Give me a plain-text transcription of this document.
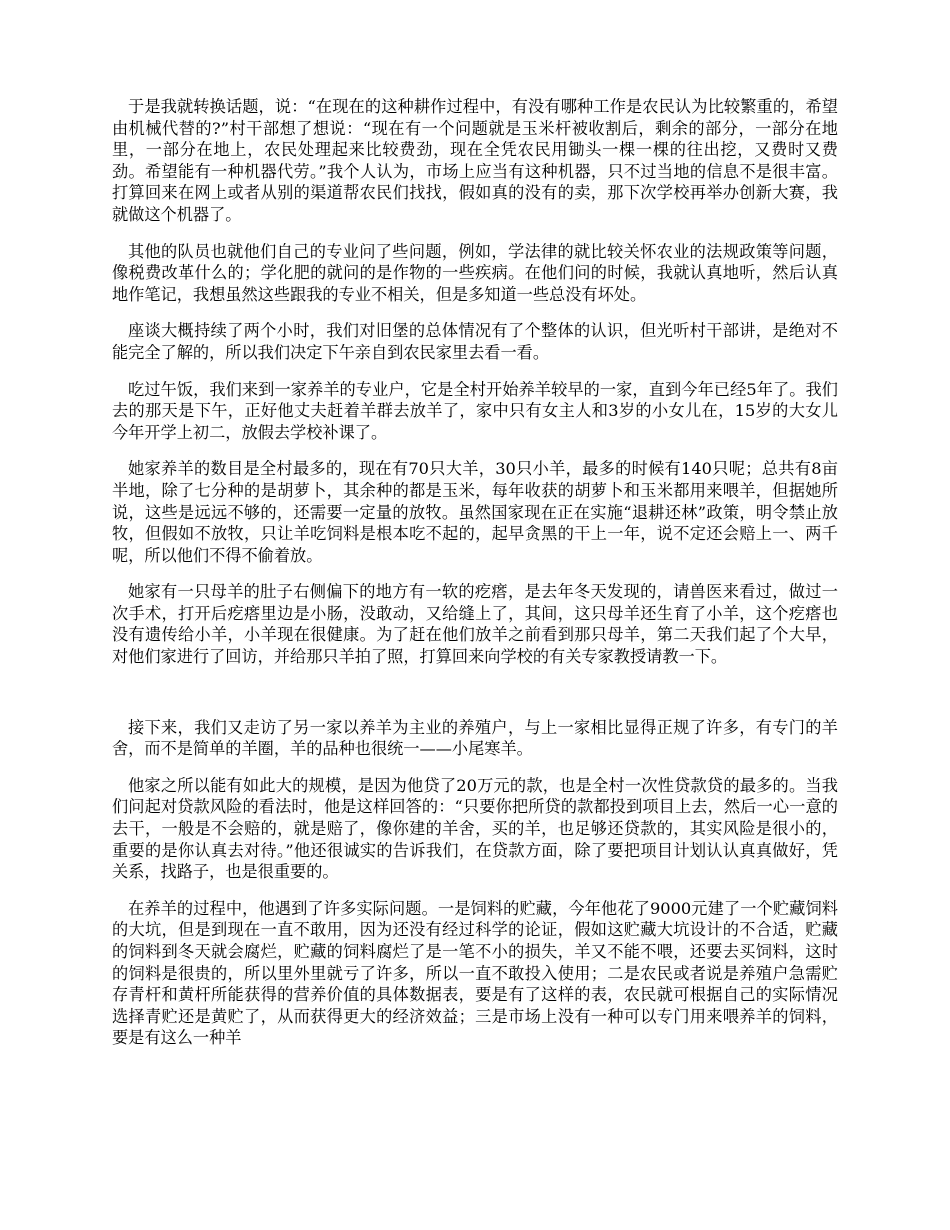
于是我就转换话题，说：“在现在的这种耕作过程中，有没有哪种工作是农民认为比较繁重的，希望由机械代替的?”村干部想了想说：“现在有一个问题就是玉米杆被收割后，剩余的部分，一部分在地里，一部分在地上，农民处理起来比较费劲，现在全凭农民用锄头一棵一棵的往出挖，又费时又费劲。希望能有一种机器代劳。”我个人认为，市场上应当有这种机器，只不过当地的信息不是很丰富。打算回来在网上或者从别的渠道帮农民们找找，假如真的没有的卖，那下次学校再举办创新大赛，我就做这个机器了。

其他的队员也就他们自己的专业问了些问题，例如，学法律的就比较关怀农业的法规政策等问题，像税费改革什么的；学化肥的就问的是作物的一些疾病。在他们问的时候，我就认真地听，然后认真地作笔记，我想虽然这些跟我的专业不相关，但是多知道一些总没有坏处。

座谈大概持续了两个小时，我们对旧堡的总体情况有了个整体的认识，但光听村干部讲，是绝对不能完全了解的，所以我们决定下午亲自到农民家里去看一看。

吃过午饭，我们来到一家养羊的专业户，它是全村开始养羊较早的一家，直到今年已经5年了。我们去的那天是下午，正好他丈夫赶着羊群去放羊了，家中只有女主人和3岁的小女儿在，15岁的大女儿今年开学上初二，放假去学校补课了。

她家养羊的数目是全村最多的，现在有70只大羊，30只小羊，最多的时候有140只呢；总共有8亩半地，除了七分种的是胡萝卜，其余种的都是玉米，每年收获的胡萝卜和玉米都用来喂羊，但据她所说，这些是远远不够的，还需要一定量的放牧。虽然国家现在正在实施“退耕还林”政策，明令禁止放牧，但假如不放牧，只让羊吃饲料是根本吃不起的，起早贪黑的干上一年，说不定还会赔上一、两千呢，所以他们不得不偷着放。

她家有一只母羊的肚子右侧偏下的地方有一软的疙瘩，是去年冬天发现的，请兽医来看过，做过一次手术，打开后疙瘩里边是小肠，没敢动，又给缝上了，其间，这只母羊还生育了小羊，这个疙瘩也没有遗传给小羊，小羊现在很健康。为了赶在他们放羊之前看到那只母羊，第二天我们起了个大早，对他们家进行了回访，并给那只羊拍了照，打算回来向学校的有关专家教授请教一下。

接下来，我们又走访了另一家以养羊为主业的养殖户，与上一家相比显得正规了许多，有专门的羊舍，而不是简单的羊圈，羊的品种也很统一——小尾寒羊。

他家之所以能有如此大的规模，是因为他贷了20万元的款，也是全村一次性贷款贷的最多的。当我们问起对贷款风险的看法时，他是这样回答的：“只要你把所贷的款都投到项目上去，然后一心一意的去干，一般是不会赔的，就是赔了，像你建的羊舍，买的羊，也足够还贷款的，其实风险是很小的，重要的是你认真去对待。”他还很诚实的告诉我们，在贷款方面，除了要把项目计划认认真真做好，凭关系，找路子，也是很重要的。

在养羊的过程中，他遇到了许多实际问题。一是饲料的贮藏，今年他花了9000元建了一个贮藏饲料的大坑，但是到现在一直不敢用，因为还没有经过科学的论证，假如这贮藏大坑设计的不合适，贮藏的饲料到冬天就会腐烂，贮藏的饲料腐烂了是一笔不小的损失，羊又不能不喂，还要去买饲料，这时的饲料是很贵的，所以里外里就亏了许多，所以一直不敢投入使用；二是农民或者说是养殖户急需贮存青杆和黄杆所能获得的营养价值的具体数据表，要是有了这样的表，农民就可根据自己的实际情况选择青贮还是黄贮了，从而获得更大的经济效益；三是市场上没有一种可以专门用来喂养羊的饲料，要是有这么一种羊
